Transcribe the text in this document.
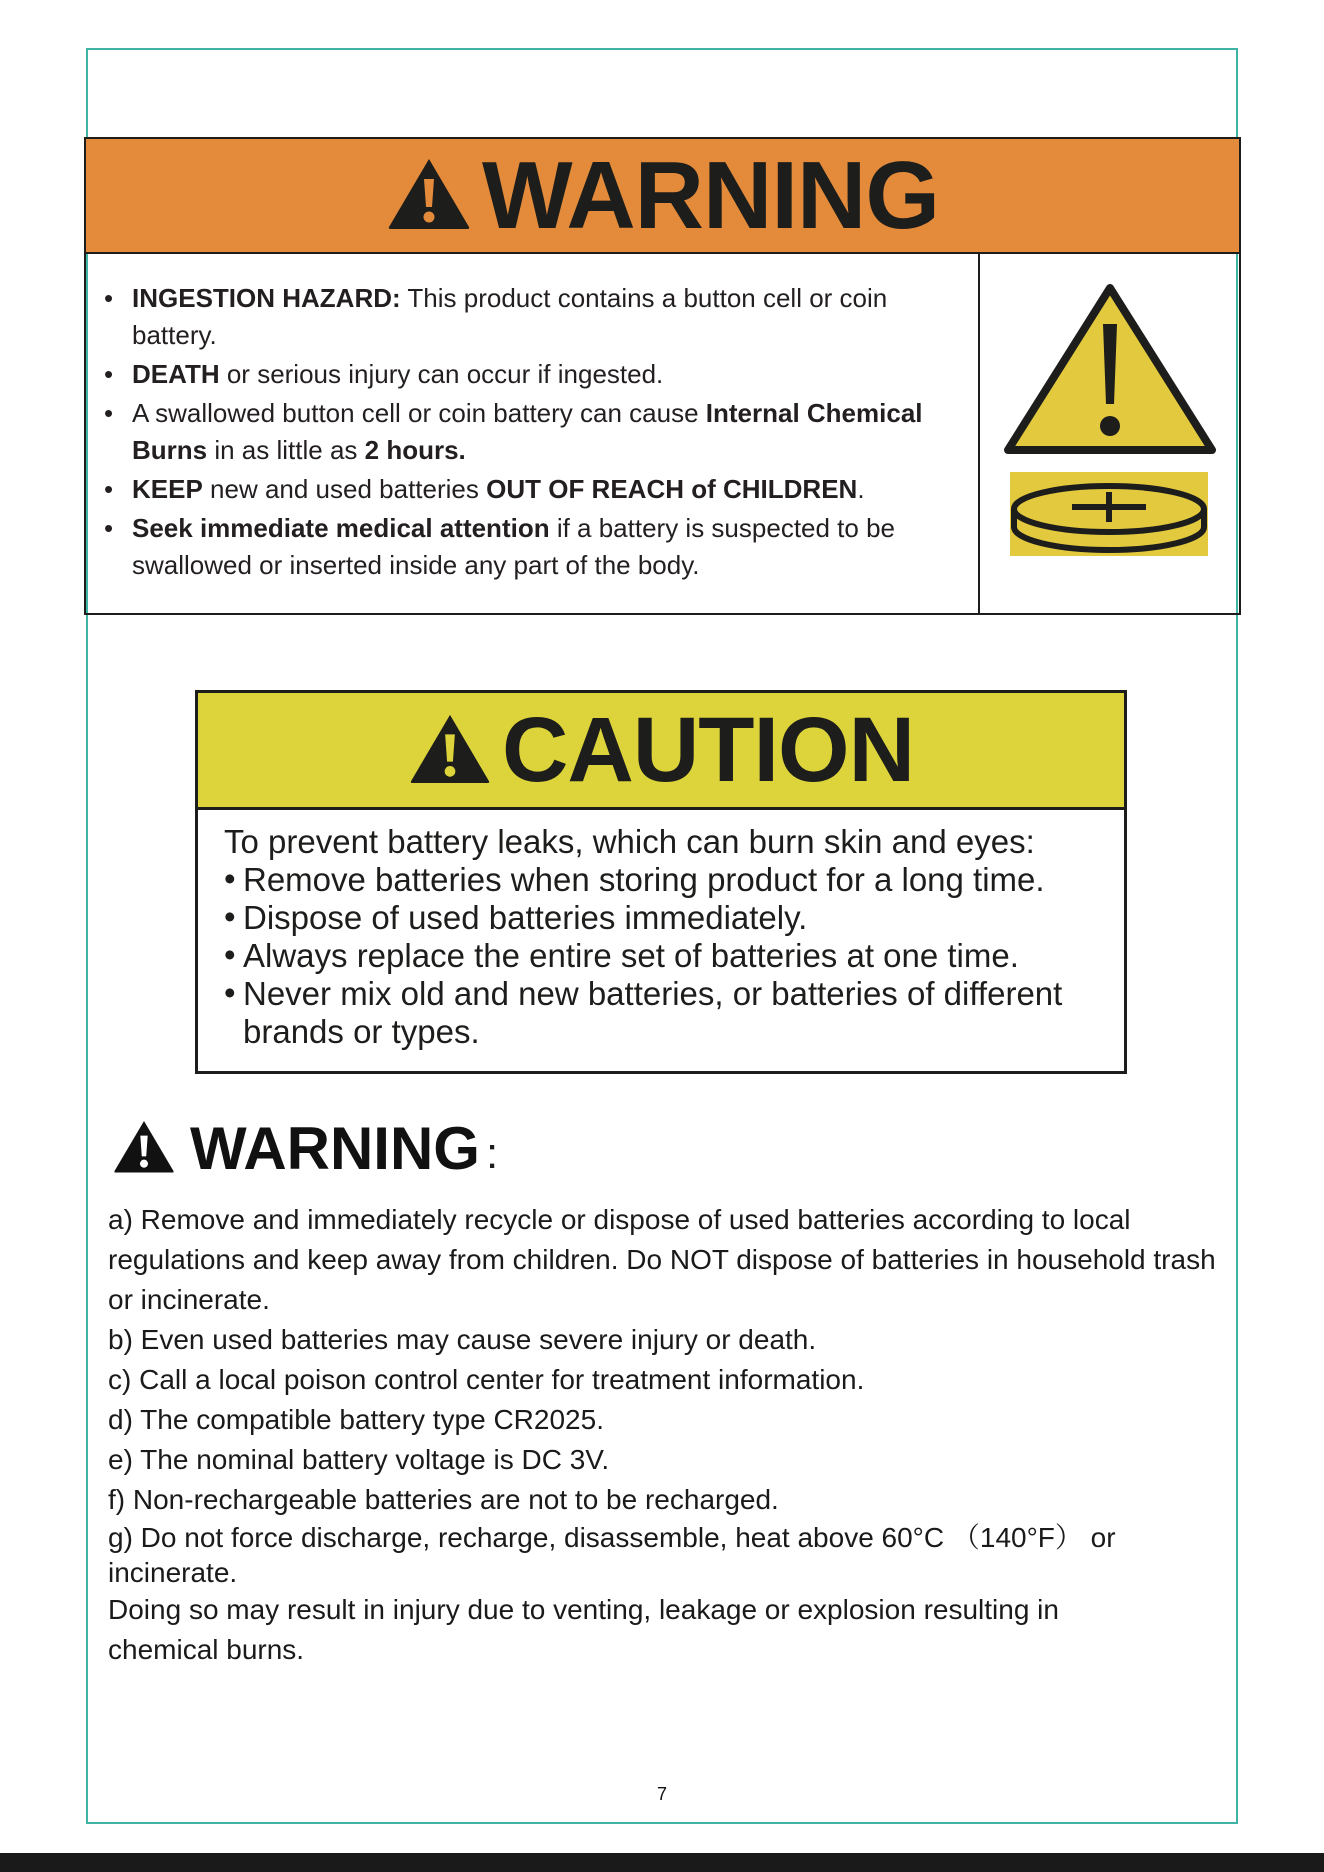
WARNING
• INGESTION HAZARD: This product contains a button cell or coin battery.
• DEATH or serious injury can occur if ingested.
• A swallowed button cell or coin battery can cause Internal Chemical Burns in as little as 2 hours.
• KEEP new and used batteries OUT OF REACH of CHILDREN.
• Seek immediate medical attention if a battery is suspected to be swallowed or inserted inside any part of the body.
CAUTION
To prevent battery leaks, which can burn skin and eyes:
• Remove batteries when storing product for a long time.
• Dispose of used batteries immediately.
• Always replace the entire set of batteries at one time.
• Never mix old and new batteries, or batteries of different brands or types.
WARNING :

a) Remove and immediately recycle or dispose of used batteries according to local regulations and keep away from children. Do NOT dispose of batteries in household trash or incinerate.

b) Even used batteries may cause severe injury or death.

c) Call a local poison control center for treatment information.

d) The compatible battery type CR2025.

e) The nominal battery voltage is DC 3V.

f) Non-rechargeable batteries are not to be recharged.

g) Do not force discharge, recharge, disassemble, heat above 60°C （140°F） or incinerate.

Doing so may result in injury due to venting, leakage or explosion resulting in chemical burns.

7
